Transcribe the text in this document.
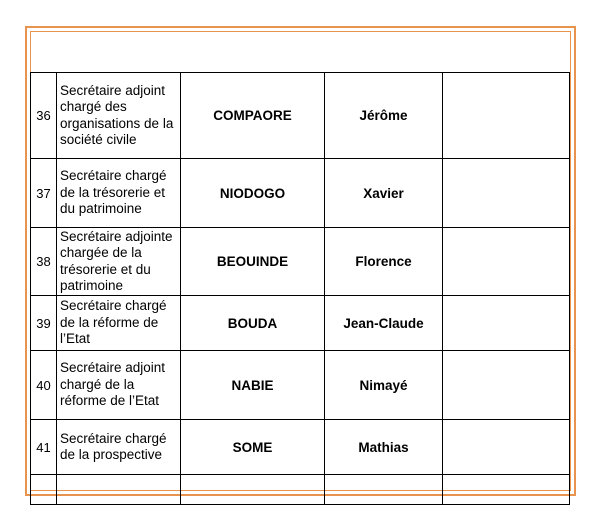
36	Secrétaire adjoint chargé des organisations de la société civile	COMPAORE	Jérôme	
37	Secrétaire chargé de la trésorerie et du patrimoine	NIODOGO	Xavier	
38	Secrétaire adjointe chargée de la trésorerie et du patrimoine	BEOUINDE	Florence	
39	Secrétaire chargé de la réforme de l’Etat	BOUDA	Jean-Claude	
40	Secrétaire adjoint chargé de la réforme de l’Etat	NABIE	Nimayé	
41	Secrétaire chargé de la prospective	SOME	Mathias	
